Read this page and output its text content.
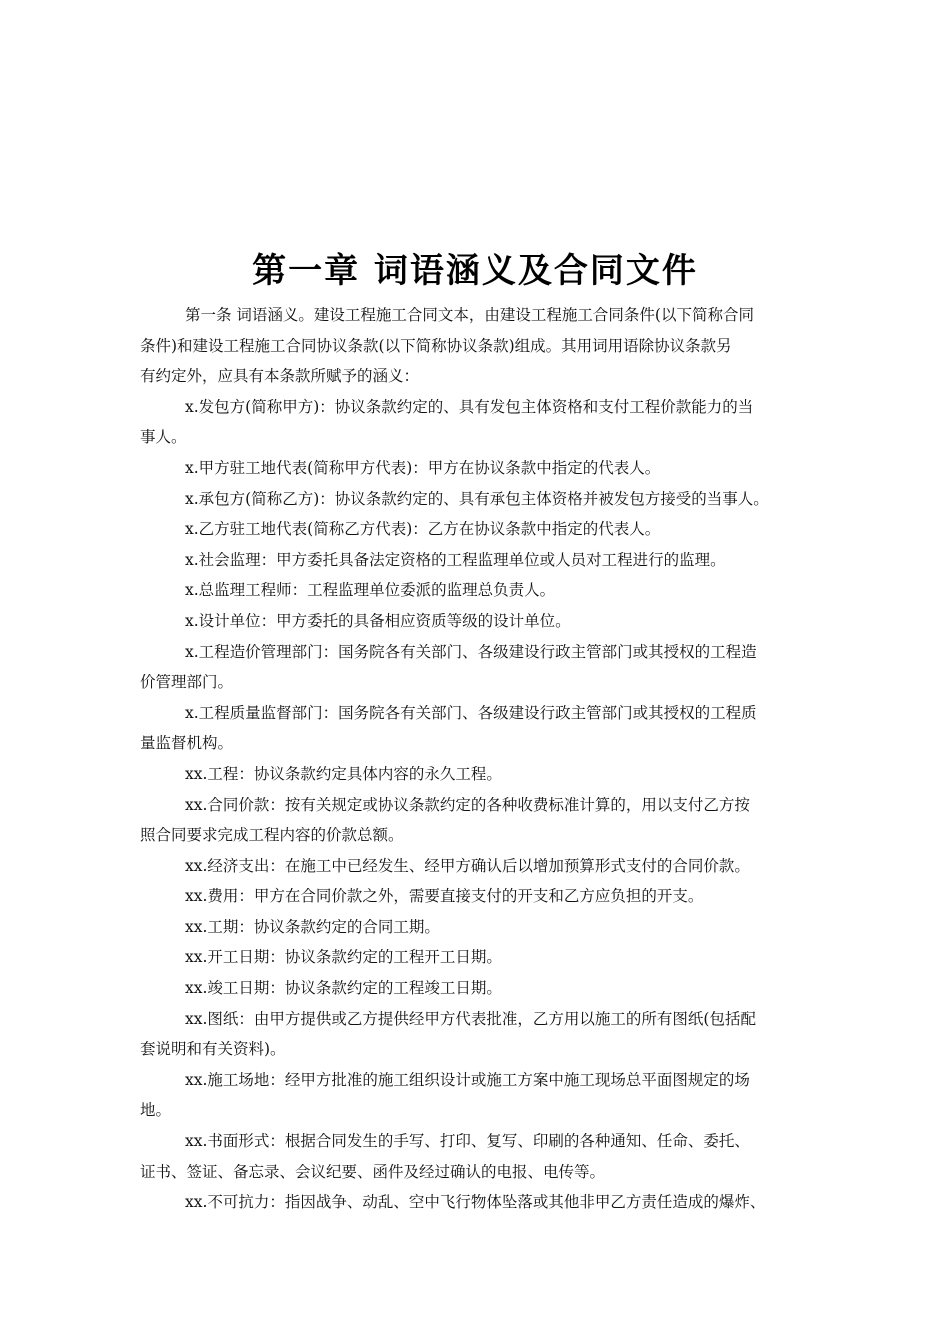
第一章 词语涵义及合同文件
第一条 词语涵义。建设工程施工合同文本，由建设工程施工合同条件(以下简称合同
条件)和建设工程施工合同协议条款(以下简称协议条款)组成。其用词用语除协议条款另
有约定外，应具有本条款所赋予的涵义：
x.发包方(简称甲方)：协议条款约定的、具有发包主体资格和支付工程价款能力的当
事人。
x.甲方驻工地代表(简称甲方代表)：甲方在协议条款中指定的代表人。
x.承包方(简称乙方)：协议条款约定的、具有承包主体资格并被发包方接受的当事人。
x.乙方驻工地代表(简称乙方代表)：乙方在协议条款中指定的代表人。
x.社会监理：甲方委托具备法定资格的工程监理单位或人员对工程进行的监理。
x.总监理工程师：工程监理单位委派的监理总负责人。
x.设计单位：甲方委托的具备相应资质等级的设计单位。
x.工程造价管理部门：国务院各有关部门、各级建设行政主管部门或其授权的工程造
价管理部门。
x.工程质量监督部门：国务院各有关部门、各级建设行政主管部门或其授权的工程质
量监督机构。
xx.工程：协议条款约定具体内容的永久工程。
xx.合同价款：按有关规定或协议条款约定的各种收费标准计算的，用以支付乙方按
照合同要求完成工程内容的价款总额。
xx.经济支出：在施工中已经发生、经甲方确认后以增加预算形式支付的合同价款。
xx.费用：甲方在合同价款之外，需要直接支付的开支和乙方应负担的开支。
xx.工期：协议条款约定的合同工期。
xx.开工日期：协议条款约定的工程开工日期。
xx.竣工日期：协议条款约定的工程竣工日期。
xx.图纸：由甲方提供或乙方提供经甲方代表批准，乙方用以施工的所有图纸(包括配
套说明和有关资料)。
xx.施工场地：经甲方批准的施工组织设计或施工方案中施工现场总平面图规定的场
地。
xx.书面形式：根据合同发生的手写、打印、复写、印刷的各种通知、任命、委托、
证书、签证、备忘录、会议纪要、函件及经过确认的电报、电传等。
xx.不可抗力：指因战争、动乱、空中飞行物体坠落或其他非甲乙方责任造成的爆炸、
